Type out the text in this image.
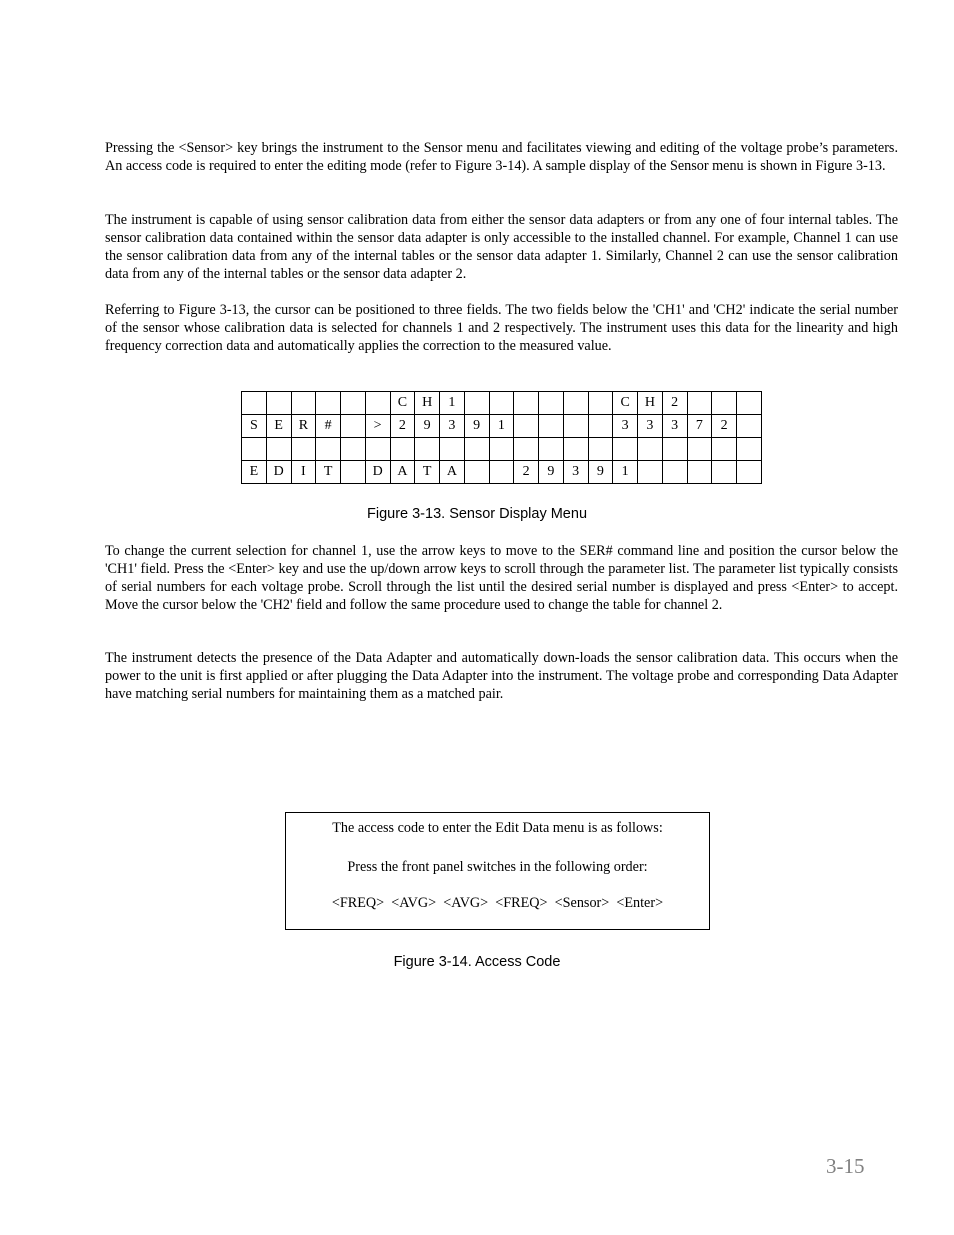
Pressing the <Sensor> key brings the instrument to the Sensor menu and facilitates viewing and editing of the voltage probe’s parameters. An access code is required to enter the editing mode (refer to Figure 3-14). A sample display of the Sensor menu is shown in Figure 3-13.

The instrument is capable of using sensor calibration data from either the sensor data adapters or from any one of four internal tables. The sensor calibration data contained within the sensor data adapter is only accessible to the installed channel. For example, Channel 1 can use the sensor calibration data from any of the internal tables or the sensor data adapter 1. Similarly, Channel 2 can use the sensor calibration data from any of the internal tables or the sensor data adapter 2.

Referring to Figure 3-13, the cursor can be positioned to three fields. The two fields below the 'CH1' and 'CH2' indicate the serial number of the sensor whose calibration data is selected for channels 1 and 2 respectively. The instrument uses this data for the linearity and high frequency correction data and automatically applies the correction to the measured value.

						C	H	1							C	H	2			
S	E	R	#		>	2	9	3	9	1					3	3	3	7	2	

E	D	I	T		D	A	T	A			2	9	3	9	1					

Figure 3-13. Sensor Display Menu

To change the current selection for channel 1, use the arrow keys to move to the SER# command line and position the cursor below the 'CH1' field. Press the <Enter> key and use the up/down arrow keys to scroll through the parameter list. The parameter list typically consists of serial numbers for each voltage probe. Scroll through the list until the desired serial number is displayed and press <Enter> to accept. Move the cursor below the 'CH2' field and follow the same procedure used to change the table for channel 2.

The instrument detects the presence of the Data Adapter and automatically down-loads the sensor calibration data. This occurs when the power to the unit is first applied or after plugging the Data Adapter into the instrument. The voltage probe and corresponding Data Adapter have matching serial numbers for maintaining them as a matched pair.

The access code to enter the Edit Data menu is as follows:

Press the front panel switches in the following order:

<FREQ>  <AVG>  <AVG>  <FREQ>  <Sensor>  <Enter>

Figure 3-14. Access Code

3-15
